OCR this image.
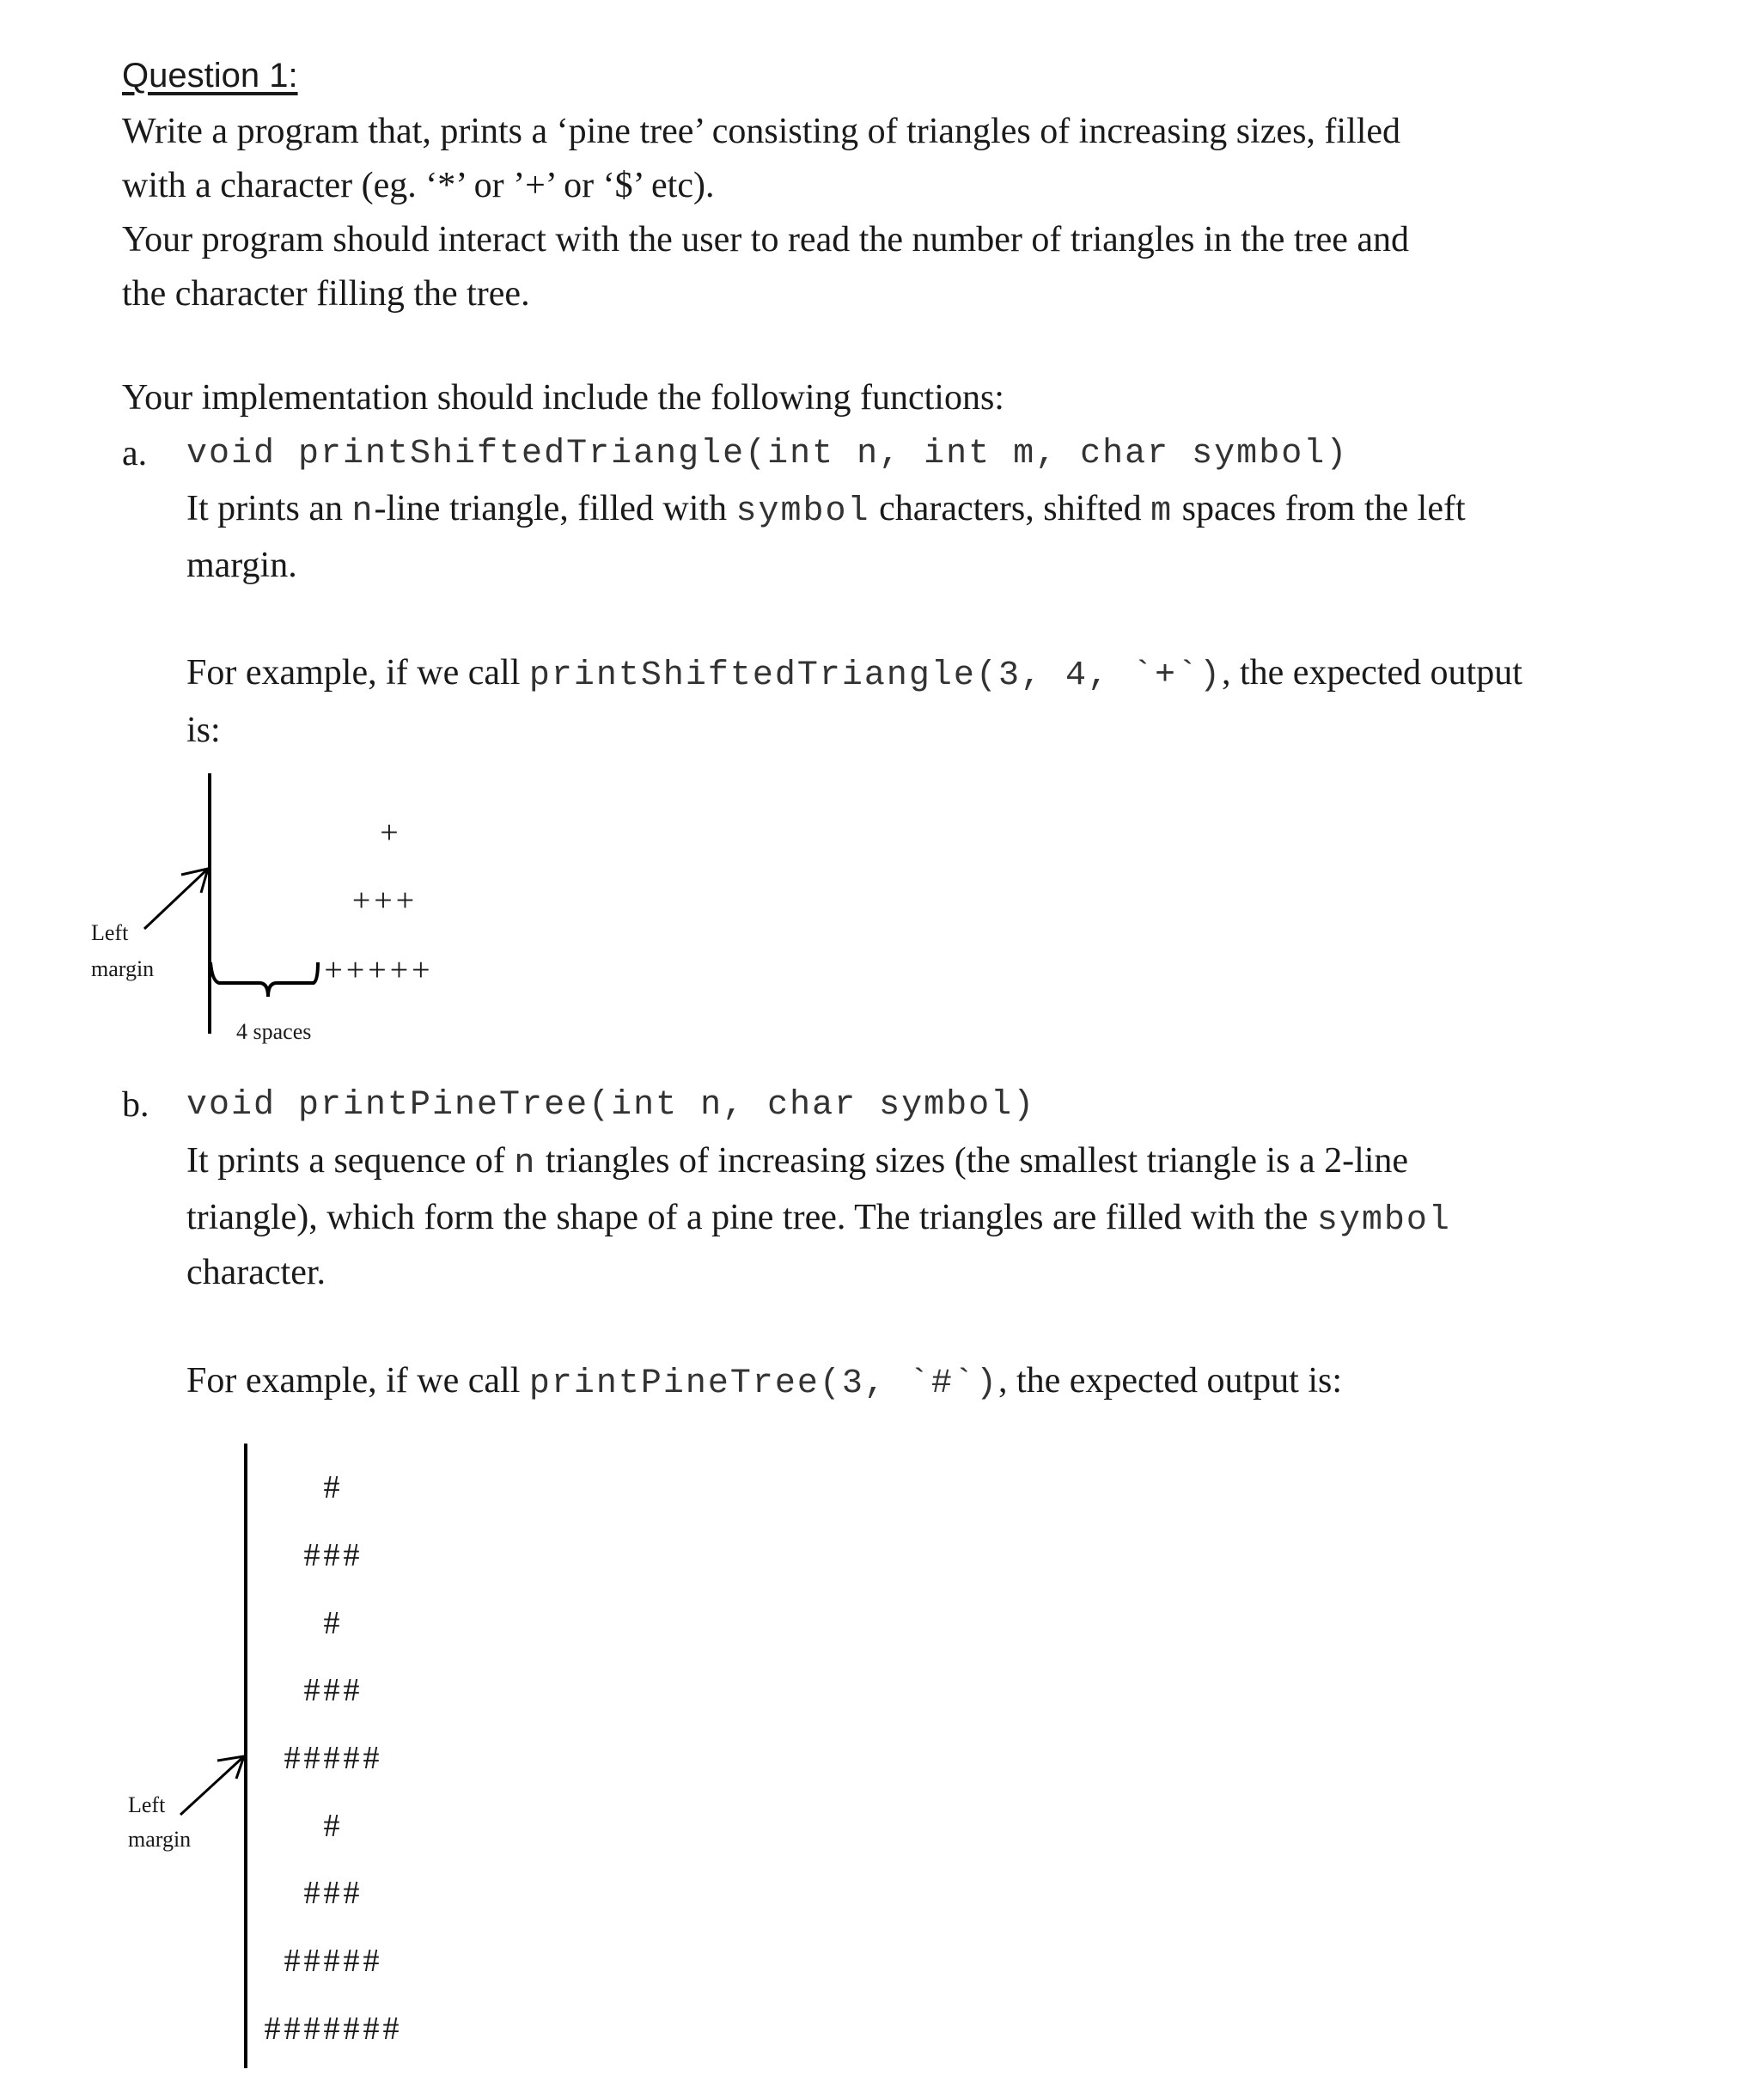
Question 1:
Write a program that, prints a ‘pine tree’ consisting of triangles of increasing sizes, filled
with a character (eg. ‘*’ or ’+’ or ‘$’ etc).
Your program should interact with the user to read the number of triangles in the tree and
the character filling the tree.
Your implementation should include the following functions:
a. void printShiftedTriangle(int n, int m, char symbol)
It prints an n-line triangle, filled with symbol characters, shifted m spaces from the left
margin.
For example, if we call printShiftedTriangle(3, 4, `+`), the expected output
is:
Left
margin
4 spaces
+
+++
+++++
b. void printPineTree(int n, char symbol)
It prints a sequence of n triangles of increasing sizes (the smallest triangle is a 2-line
triangle), which form the shape of a pine tree. The triangles are filled with the symbol
character.
For example, if we call printPineTree(3, `#`), the expected output is:
Left
margin
#
###
#
###
#####
#
###
#####
#######
